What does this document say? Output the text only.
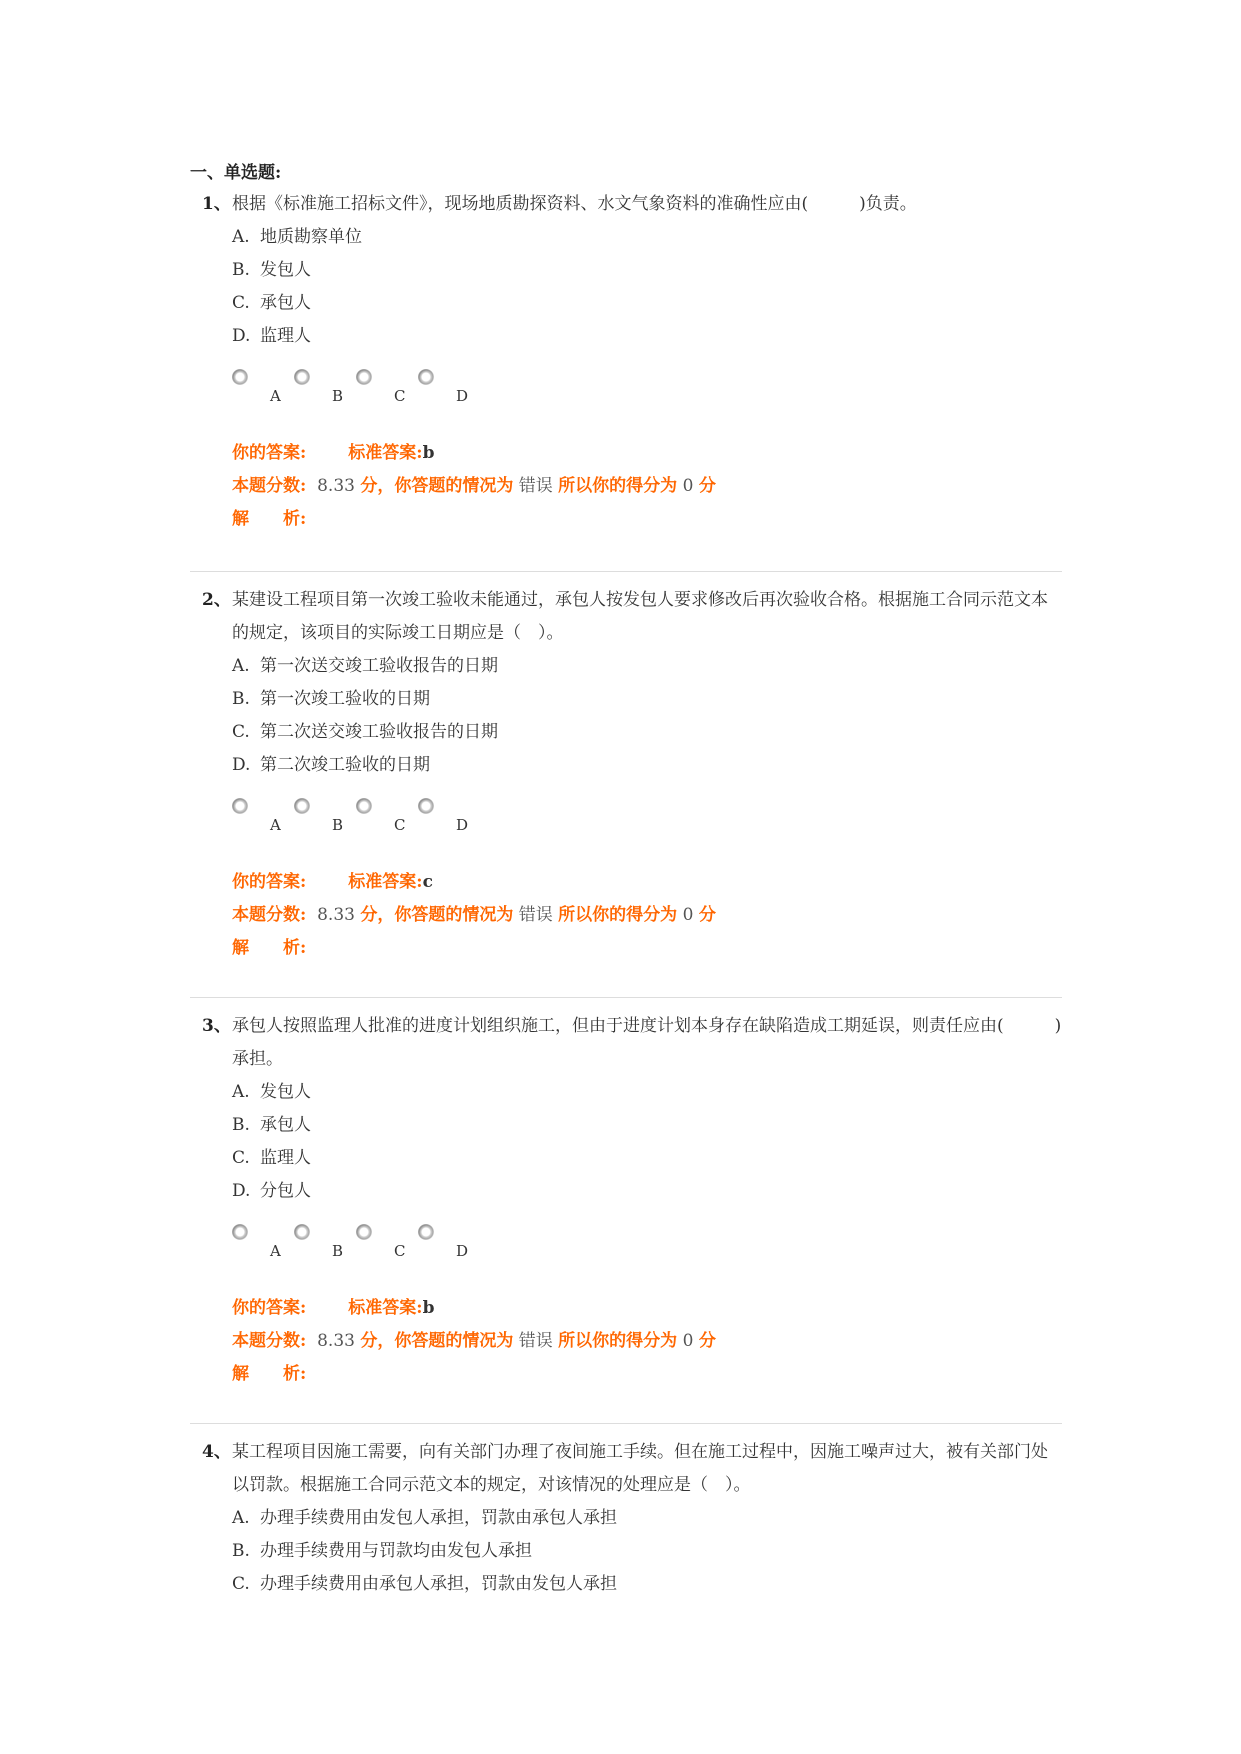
一、单选题:
1、 根据《标准施工招标文件》，现场地质勘探资料、水文气象资料的准确性应由(　　　)负责。
A. 地质勘察单位
B. 发包人
C. 承包人
D. 监理人
A	B	C	D
你的答案: 标准答案:b
本题分数: 8.33 分，你答题的情况为 错误 所以你的得分为 0 分
解　　析:
2、 某建设工程项目第一次竣工验收未能通过，承包人按发包人要求修改后再次验收合格。根据施工合同示范文本的规定，该项目的实际竣工日期应是（　）。
A. 第一次送交竣工验收报告的日期
B. 第一次竣工验收的日期
C. 第二次送交竣工验收报告的日期
D. 第二次竣工验收的日期
A	B	C	D
你的答案: 标准答案:c
本题分数: 8.33 分，你答题的情况为 错误 所以你的得分为 0 分
解　　析:
3、 承包人按照监理人批准的进度计划组织施工，但由于进度计划本身存在缺陷造成工期延误，则责任应由(　　　)承担。
A. 发包人
B. 承包人
C. 监理人
D. 分包人
A	B	C	D
你的答案: 标准答案:b
本题分数: 8.33 分，你答题的情况为 错误 所以你的得分为 0 分
解　　析:
4、 某工程项目因施工需要，向有关部门办理了夜间施工手续。但在施工过程中，因施工噪声过大，被有关部门处以罚款。根据施工合同示范文本的规定，对该情况的处理应是（　）。
A. 办理手续费用由发包人承担，罚款由承包人承担
B. 办理手续费用与罚款均由发包人承担
C. 办理手续费用由承包人承担，罚款由发包人承担
